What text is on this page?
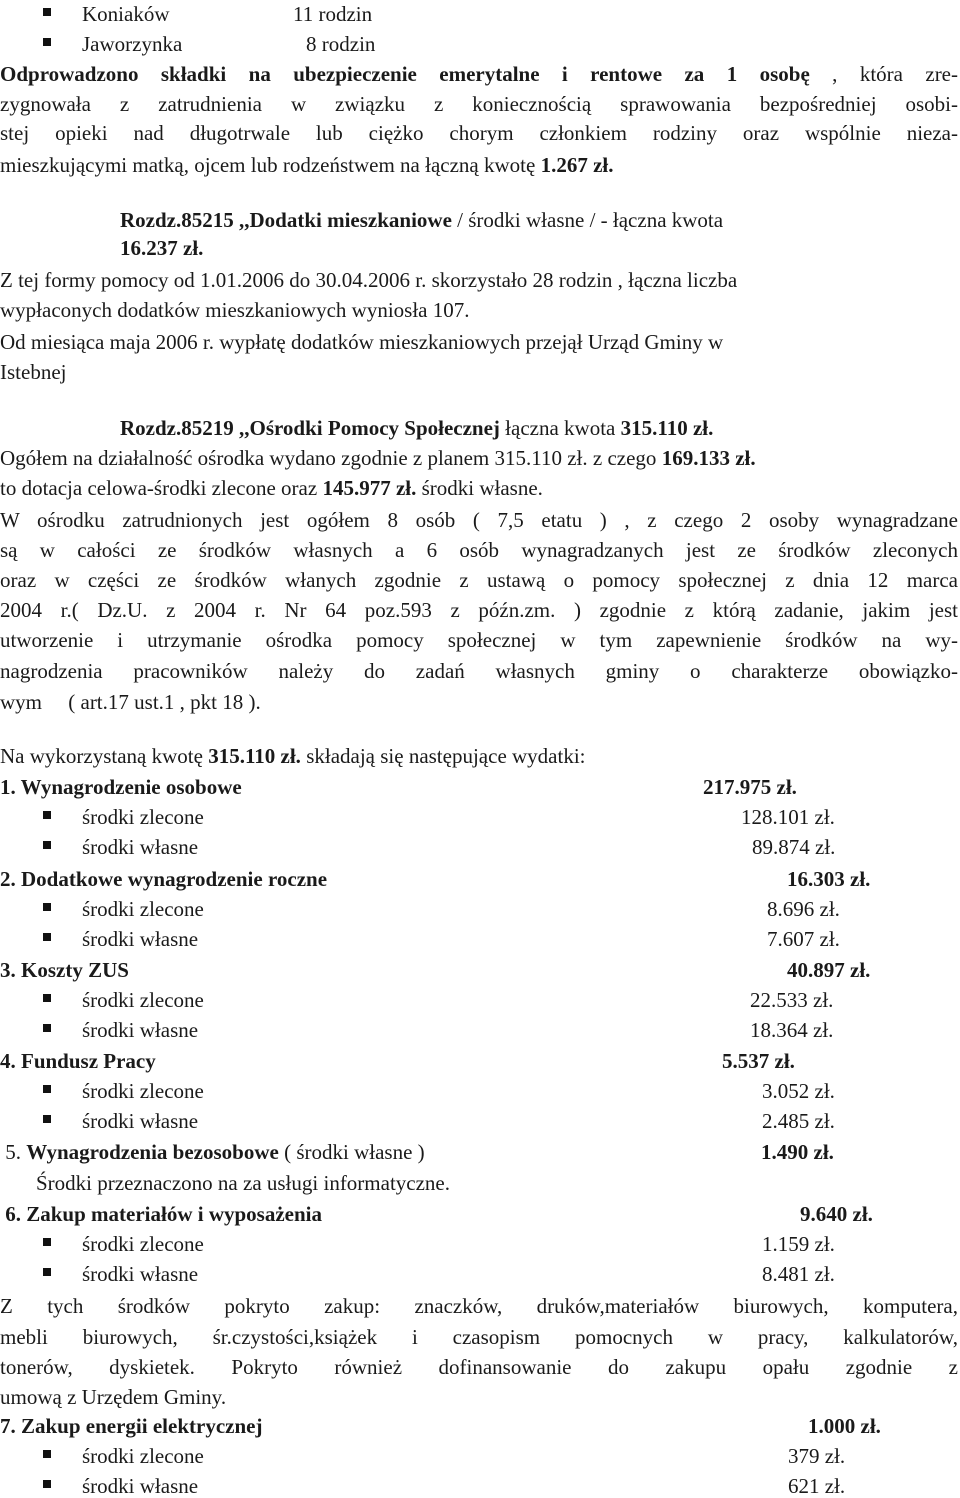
Koniaków	11 rodzin
Jaworzynka	8 rodzin
Odprowadzono składki na ubezpieczenie emerytalne i rentowe za 1 osobę , która zre-
zygnowała z zatrudnienia w związku z koniecznością sprawowania bezpośredniej osobi-
stej opieki nad długotrwale lub ciężko chorym członkiem rodziny oraz wspólnie nieza-
mieszkującymi matką, ojcem lub rodzeństwem na łączną kwotę 1.267 zł.
Rozdz.85215 ,,Dodatki mieszkaniowe / środki własne / - łączna kwota
16.237 zł.
Z tej formy pomocy od 1.01.2006 do 30.04.2006 r. skorzystało 28 rodzin , łączna liczba
wypłaconych dodatków mieszkaniowych wyniosła 107.
Od miesiąca maja 2006 r. wypłatę dodatków mieszkaniowych przejął Urząd Gminy w
Istebnej
Rozdz.85219 ,,Ośrodki Pomocy Społecznej łączna kwota 315.110 zł.
Ogółem na działalność ośrodka wydano zgodnie z planem 315.110 zł. z czego 169.133 zł.
to dotacja celowa-środki zlecone oraz 145.977 zł. środki własne.
W ośrodku zatrudnionych jest ogółem 8 osób ( 7,5 etatu ) , z czego 2 osoby wynagradzane
są w całości ze środków własnych a 6 osób wynagradzanych jest ze środków zleconych
oraz w części ze środków włanych zgodnie z ustawą o pomocy społecznej z dnia 12 marca
2004 r.( Dz.U. z 2004 r. Nr 64 poz.593 z późn.zm. ) zgodnie z którą zadanie, jakim jest
utworzenie i utrzymanie ośrodka pomocy społecznej w tym zapewnienie środków na wy-
nagrodzenia pracowników należy do zadań własnych gminy o charakterze obowiązko-
wym     ( art.17 ust.1 , pkt 18 ).
Na wykorzystaną kwotę 315.110 zł. składają się następujące wydatki:
1. Wynagrodzenie osobowe	217.975 zł.
środki zlecone	128.101 zł.
środki własne	89.874 zł.
2. Dodatkowe wynagrodzenie roczne	16.303 zł.
środki zlecone	8.696 zł.
środki własne	7.607 zł.
3. Koszty ZUS	40.897 zł.
środki zlecone	22.533 zł.
środki własne	18.364 zł.
4. Fundusz Pracy	5.537 zł.
środki zlecone	3.052 zł.
środki własne	2.485 zł.
5. Wynagrodzenia bezosobowe ( środki własne )	1.490 zł.
Środki przeznaczono na za usługi informatyczne.
6. Zakup materiałów i wyposażenia	9.640 zł.
środki zlecone	1.159 zł.
środki własne	8.481 zł.
Z tych środków pokryto zakup: znaczków, druków,materiałów biurowych, komputera,
mebli biurowych, śr.czystości,książek i czasopism pomocnych w pracy, kalkulatorów,
tonerów, dyskietek. Pokryto również dofinansowanie do zakupu opału zgodnie z
umową z Urzędem Gminy.
7. Zakup energii elektrycznej	1.000 zł.
środki zlecone	379 zł.
środki własne	621 zł.
